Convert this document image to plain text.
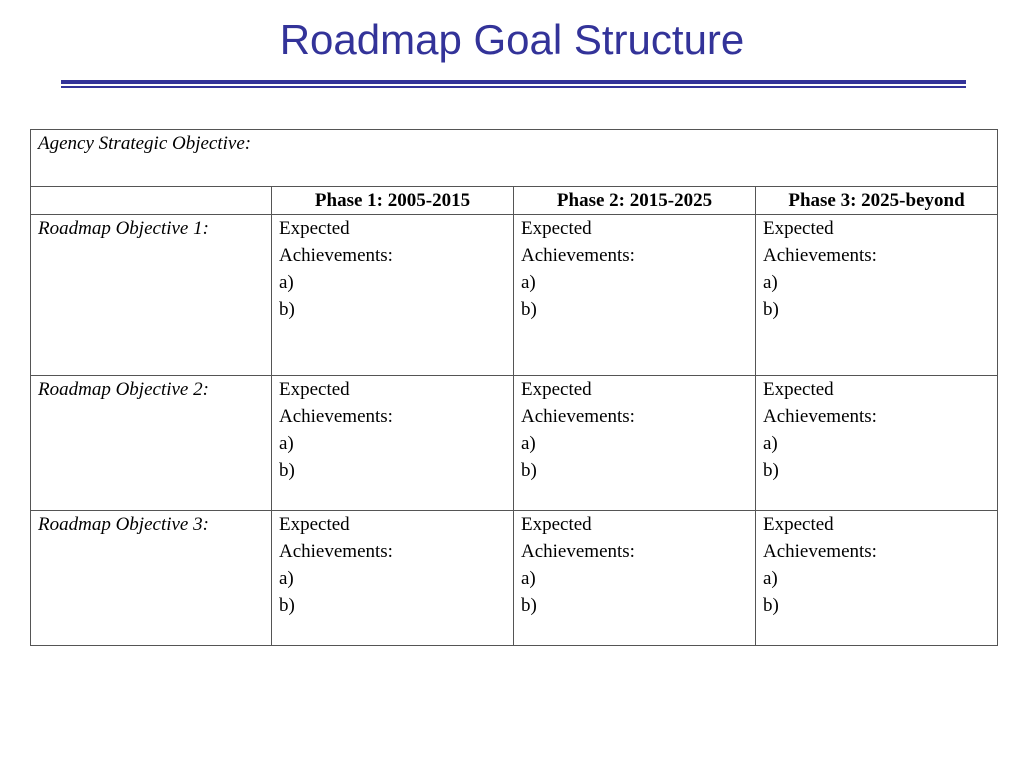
Roadmap Goal Structure
Agency Strategic Objective:			
	Phase 1: 2005-2015	Phase 2: 2015-2025	Phase 3: 2025-beyond
Roadmap Objective 1:	Expected
Achievements:
a)
b)	Expected
Achievements:
a)
b)	Expected
Achievements:
a)
b)

Roadmap Objective 2:	Expected
Achievements:
a)
b)	Expected
Achievements:
a)
b)	Expected
Achievements:
a)
b)

Roadmap Objective 3:	Expected
Achievements:
a)
b)	Expected
Achievements:
a)
b)	Expected
Achievements:
a)
b)
